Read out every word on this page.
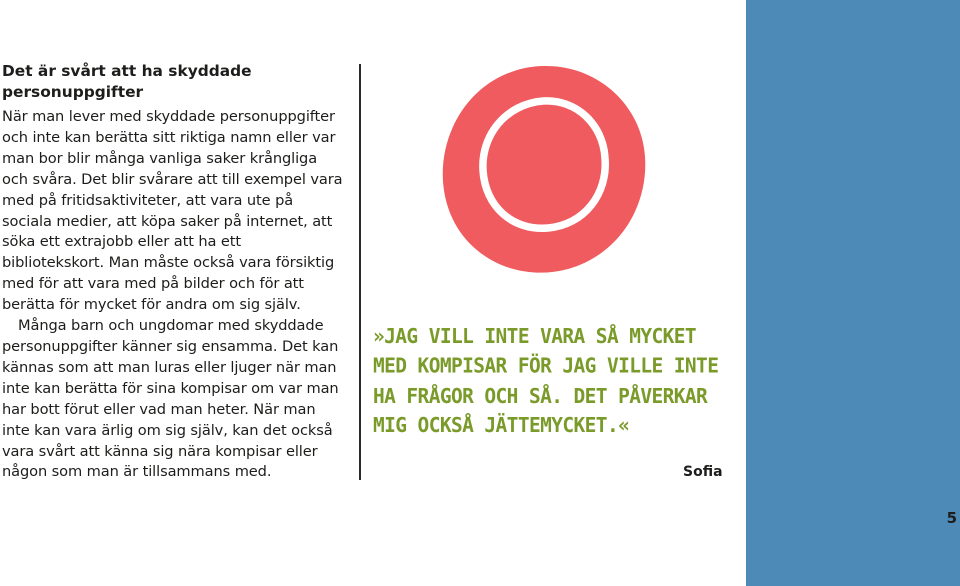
Det är svårt att ha skyddade personuppgifter

När man lever med skyddade personuppgifter och inte kan berätta sitt riktiga namn eller var man bor blir många vanliga saker krångliga och svåra. Det blir svårare att till exempel vara med på fritidsaktiviteter, att vara ute på sociala medier, att köpa saker på internet, att söka ett extrajobb eller att ha ett bibliotekskort. Man måste också vara försiktig med för att vara med på bilder och för att berätta för mycket för andra om sig själv.

Många barn och ungdomar med skyddade personuppgifter känner sig ensamma. Det kan kännas som att man luras eller ljuger när man inte kan berätta för sina kompisar om var man har bott förut eller vad man heter. När man inte kan vara ärlig om sig själv, kan det också vara svårt att känna sig nära kompisar eller någon som man är tillsammans med.

»JAG VILL INTE VARA SÅ MYCKET MED KOMPISAR FÖR JAG VILLE INTE HA FRÅGOR OCH SÅ. DET PÅVERKAR MIG OCKSÅ JÄTTEMYCKET.«
Sofia
5
